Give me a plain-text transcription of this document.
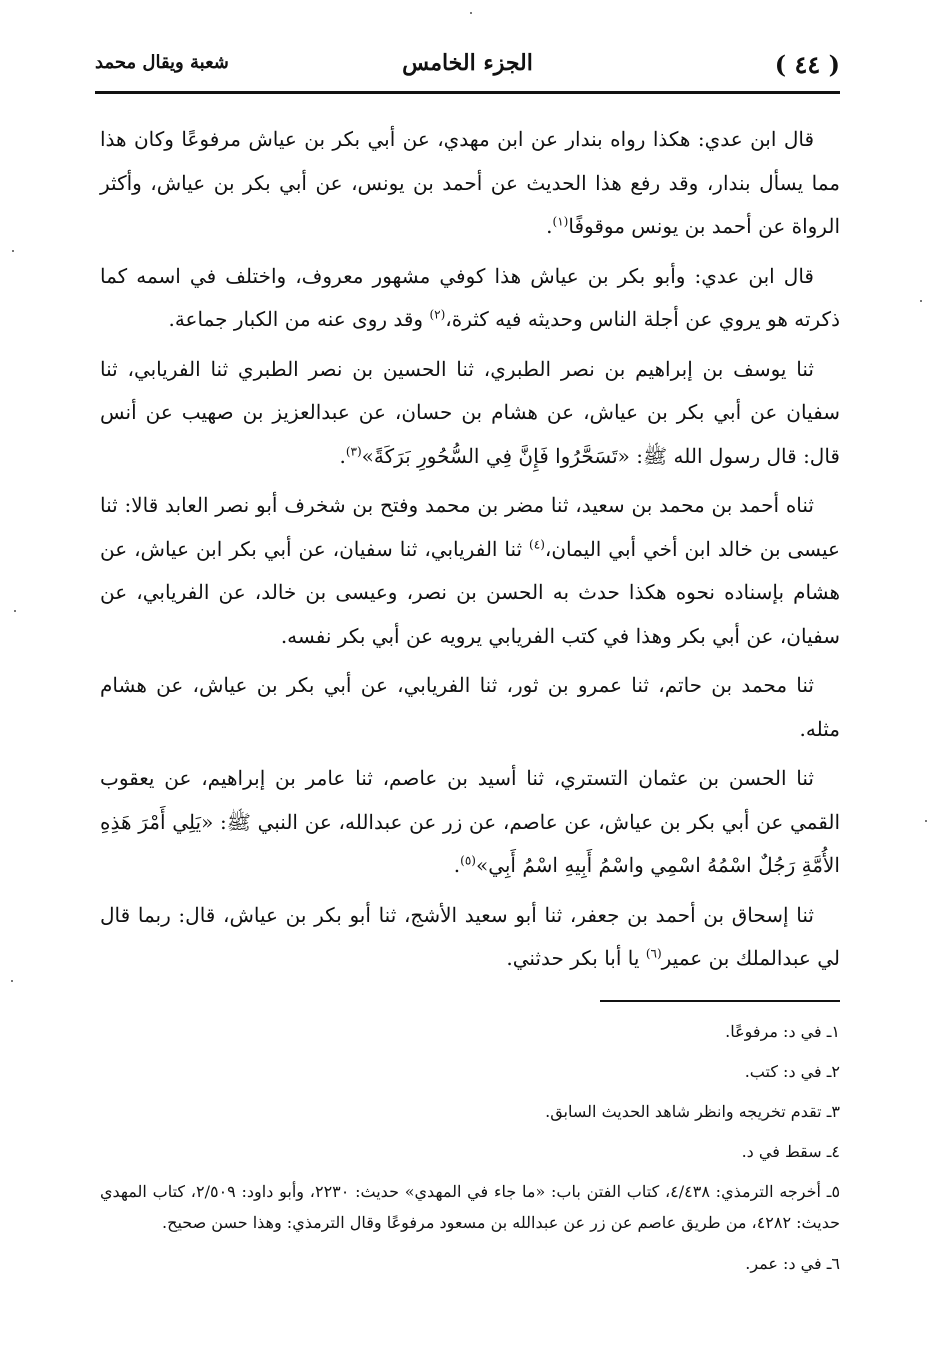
( ٤٤ )
الجزء الخامس
شعبة ويقال محمد

قال ابن عدي: هكذا رواه بندار عن ابن مهدي، عن أبي بكر بن عياش مرفوعًا وكان هذا مما يسأل بندار، وقد رفع هذا الحديث عن أحمد بن يونس، عن أبي بكر بن عياش، وأكثر الرواة عن أحمد بن يونس موقوفًا$^{(١)}$.

قال ابن عدي: وأبو بكر بن عياش هذا كوفي مشهور معروف، واختلف في اسمه كما ذكرته هو يروي عن أجلة الناس وحديثه فيه كثرة،$^{(٢)}$ وقد روى عنه من الكبار جماعة.

ثنا يوسف بن إبراهيم بن نصر الطبري، ثنا الحسين بن نصر الطبري ثنا الفريابي، ثنا سفيان عن أبي بكر بن عياش، عن هشام بن حسان، عن عبدالعزيز بن صهيب عن أنس قال: قال رسول الله ﷺ: «تَسَحَّرُوا فَإِنَّ فِي السُّحُورِ بَرَكَةً»$^{(٣)}$.

ثناه أحمد بن محمد بن سعيد، ثنا مضر بن محمد وفتح بن شخرف أبو نصر العابد قالا: ثنا عيسى بن خالد ابن أخي أبي اليمان،$^{(٤)}$ ثنا الفريابي، ثنا سفيان، عن أبي بكر ابن عياش، عن هشام بإسناده نحوه هكذا حدث به الحسن بن نصر، وعيسى بن خالد، عن الفريابي، عن سفيان، عن أبي بكر وهذا في كتب الفريابي يرويه عن أبي بكر نفسه.

ثنا محمد بن حاتم، ثنا عمرو بن ثور، ثنا الفريابي، عن أبي بكر بن عياش، عن هشام مثله.

ثنا الحسن بن عثمان التستري، ثنا أسيد بن عاصم، ثنا عامر بن إبراهيم، عن يعقوب القمي عن أبي بكر بن عياش، عن عاصم، عن زر عن عبدالله، عن النبي ﷺ: «يَلِي أَمْرَ هَذِهِ الأُمَّةِ رَجُلٌ اسْمُهُ اسْمِي واسْمُ أَبِيهِ اسْمُ أَبِي»$^{(٥)}$.

ثنا إسحاق بن أحمد بن جعفر، ثنا أبو سعيد الأشج، ثنا أبو بكر بن عياش، قال: ربما قال لي عبدالملك بن عمير$^{(٦)}$ يا أبا بكر حدثني.

١ـ في د: مرفوعًا.
٢ـ في د: كتب.
٣ـ تقدم تخريجه وانظر شاهد الحديث السابق.
٤ـ سقط في د.
٥ـ أخرجه الترمذي: ٤/٤٣٨، كتاب الفتن باب: «ما جاء في المهدي» حديث: ٢٢٣٠، وأبو داود: ٢/٥٠٩، كتاب المهدي حديث: ٤٢٨٢، من طريق عاصم عن زر عن عبدالله بن مسعود مرفوعًا وقال الترمذي: وهذا حسن صحيح.
٦ـ في د: عمر.
